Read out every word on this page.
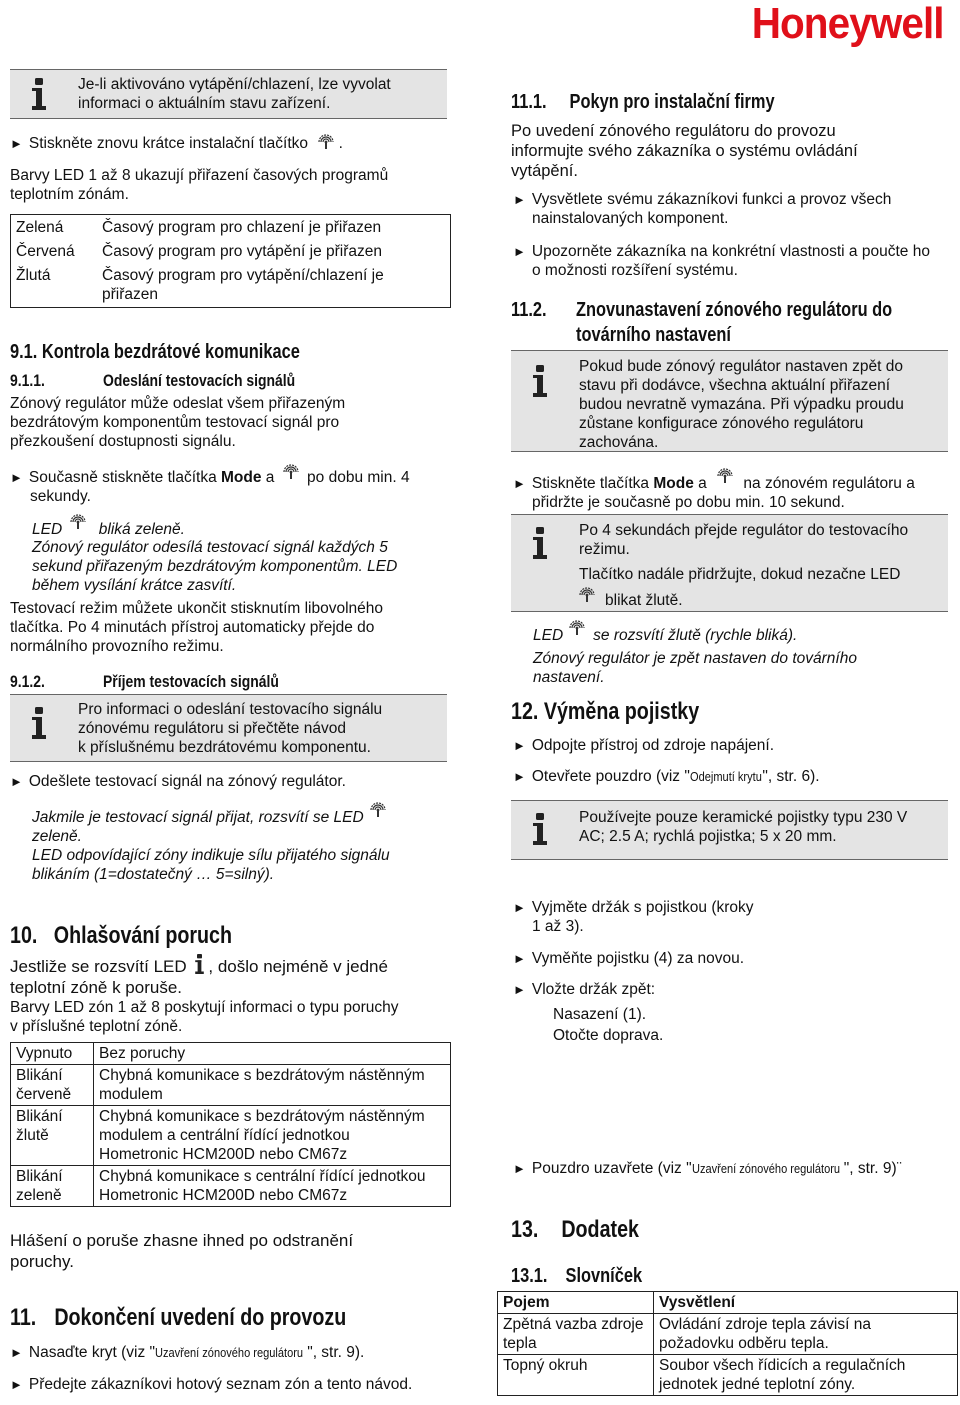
Honeywell
Je-li aktivováno vytápění/chlazení, lze vyvolat
informaci o aktuálním stavu zařízení.
► Stiskněte znovu krátce instalační tlačítko .
Barvy LED 1 až 8 ukazují přiřazení časových programů
teplotním zónám.
Zelená	Časový program pro chlazení je přiřazen
Červená	Časový program pro vytápění je přiřazen
Žlutá	Časový program pro vytápění/chlazení je přiřazen
9.1. Kontrola bezdrátové komunikace
9.1.1.	Odeslání testovacích signálů
Zónový regulátor může odeslat všem přiřazeným
bezdrátovým komponentům testovací signál pro
přezkoušení dostupnosti signálu.
► Současně stiskněte tlačítka Mode a po dobu min. 4
sekundy.
LED bliká zeleně.
Zónový regulátor odesílá testovací signál každých 5
sekund přiřazeným bezdrátovým komponentům. LED
během vysílání krátce zasvítí.
Testovací režim můžete ukončit stisknutím libovolného
tlačítka. Po 4 minutách přístroj automaticky přejde do
normálního provozního režimu.
9.1.2.	Příjem testovacích signálů
Pro informaci o odeslání testovacího signálu
zónovému regulátoru si přečtěte návod
k příslušnému bezdrátovému komponentu.
► Odešlete testovací signál na zónový regulátor.
Jakmile je testovací signál přijat, rozsvítí se LED
zeleně.
LED odpovídající zóny indikuje sílu přijatého signálu
blikáním (1=dostatečný … 5=silný).
10. Ohlašování poruch
Jestliže se rozsvítí LED , došlo nejméně v jedné
teplotní zóně k poruše.
Barvy LED zón 1 až 8 poskytují informaci o typu poruchy
v příslušné teplotní zóně.
Vypnuto	Bez poruchy
Blikání červeně	Chybná komunikace s bezdrátovým nástěnným modulem
Blikání žlutě	Chybná komunikace s bezdrátovým nástěnným modulem a centrální řídící jednotkou Hometronic HCM200D nebo CM67z
Blikání zeleně	Chybná komunikace s centrální řídící jednotkou Hometronic HCM200D nebo CM67z
Hlášení o poruše zhasne ihned po odstranění
poruchy.
11. Dokončení uvedení do provozu
► Nasaďte kryt (viz "Uzavření zónového regulátoru ", str. 9).
► Předejte zákazníkovi hotový seznam zón a tento návod.
11.1. Pokyn pro instalační firmy
Po uvedení zónového regulátoru do provozu
informujte svého zákazníka o systému ovládání
vytápění.
► Vysvětlete svému zákazníkovi funkci a provoz všech
nainstalovaných komponent.
► Upozorněte zákazníka na konkrétní vlastnosti a poučte ho
o možnosti rozšíření systému.
11.2. Znovunastavení zónového regulátoru do
továrního nastavení
Pokud bude zónový regulátor nastaven zpět do
stavu při dodávce, všechna aktuální přiřazení
budou nevratně vymazána. Při výpadku proudu
zůstane konfigurace zónového regulátoru
zachována.
► Stiskněte tlačítka Mode a na zónovém regulátoru a
přidržte je současně po dobu min. 10 sekund.
Po 4 sekundách přejde regulátor do testovacího
režimu.
Tlačítko nadále přidržujte, dokud nezačne LED
blikat žlutě.
LED se rozsvítí žlutě (rychle bliká).
Zónový regulátor je zpět nastaven do továrního
nastavení.
12. Výměna pojistky
► Odpojte přístroj od zdroje napájení.
► Otevřete pouzdro (viz "Odejmutí krytu", str. 6).
Používejte pouze keramické pojistky typu 230 V
AC; 2.5 A; rychlá pojistka; 5 x 20 mm.
► Vyjměte držák s pojistkou (kroky
1 až 3).
► Vyměňte pojistku (4) za novou.
► Vložte držák zpět:
Nasazení (1).
Otočte doprava.
► Pouzdro uzavřete (viz "Uzavření zónového regulátoru ", str. 9)¨
13. Dodatek
13.1. Slovníček
Pojem	Vysvětlení
Zpětná vazba zdroje tepla	Ovládání zdroje tepla závisí na požadovku odběru tepla.
Topný okruh	Soubor všech řídicích a regulačních jednotek jedné teplotní zóny.
